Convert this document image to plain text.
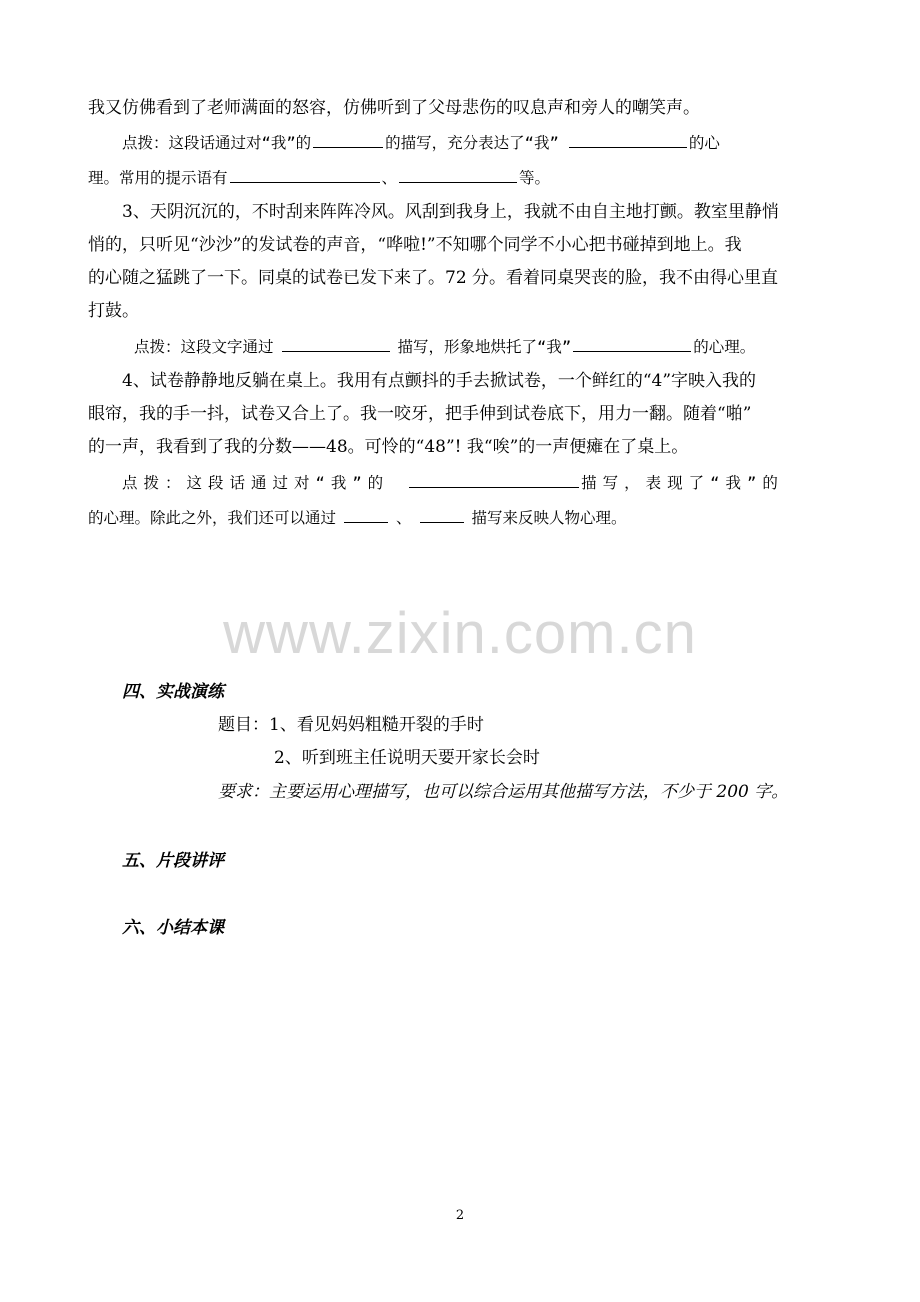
我又仿佛看到了老师满面的怒容，仿佛听到了父母悲伤的叹息声和旁人的嘲笑声。
点拨：这段话通过对“我”的	的描写，充分表达了“我”	的心
理。常用的提示语有	、	等。
3、天阴沉沉的，不时刮来阵阵冷风。风刮到我身上，我就不由自主地打颤。教室里静悄
悄的，只听见“沙沙”的发试卷的声音，“哗啦!”不知哪个同学不小心把书碰掉到地上。我
的心随之猛跳了一下。同桌的试卷已发下来了。72 分。看着同桌哭丧的脸，我不由得心里直
打鼓。
点拨：这段文字通过	描写，形象地烘托了“我”	的心理。
4、试卷静静地反躺在桌上。我用有点颤抖的手去掀试卷，一个鲜红的“4”字映入我的
眼帘，我的手一抖，试卷又合上了。我一咬牙，把手伸到试卷底下，用力一翻。随着“啪”
的一声，我看到了我的分数——48。可怜的“48”! 我“唉”的一声便瘫在了桌上。
点拨：这段话通过对“我”的	描写，表现了“我”的
的心理。除此之外，我们还可以通过	、	描写来反映人物心理。
www.zixin.com.cn
四、实战演练
题目：1、看见妈妈粗糙开裂的手时
2、听到班主任说明天要开家长会时
要求：主要运用心理描写，也可以综合运用其他描写方法，不少于 200 字。
五、片段讲评
六、小结本课
2
